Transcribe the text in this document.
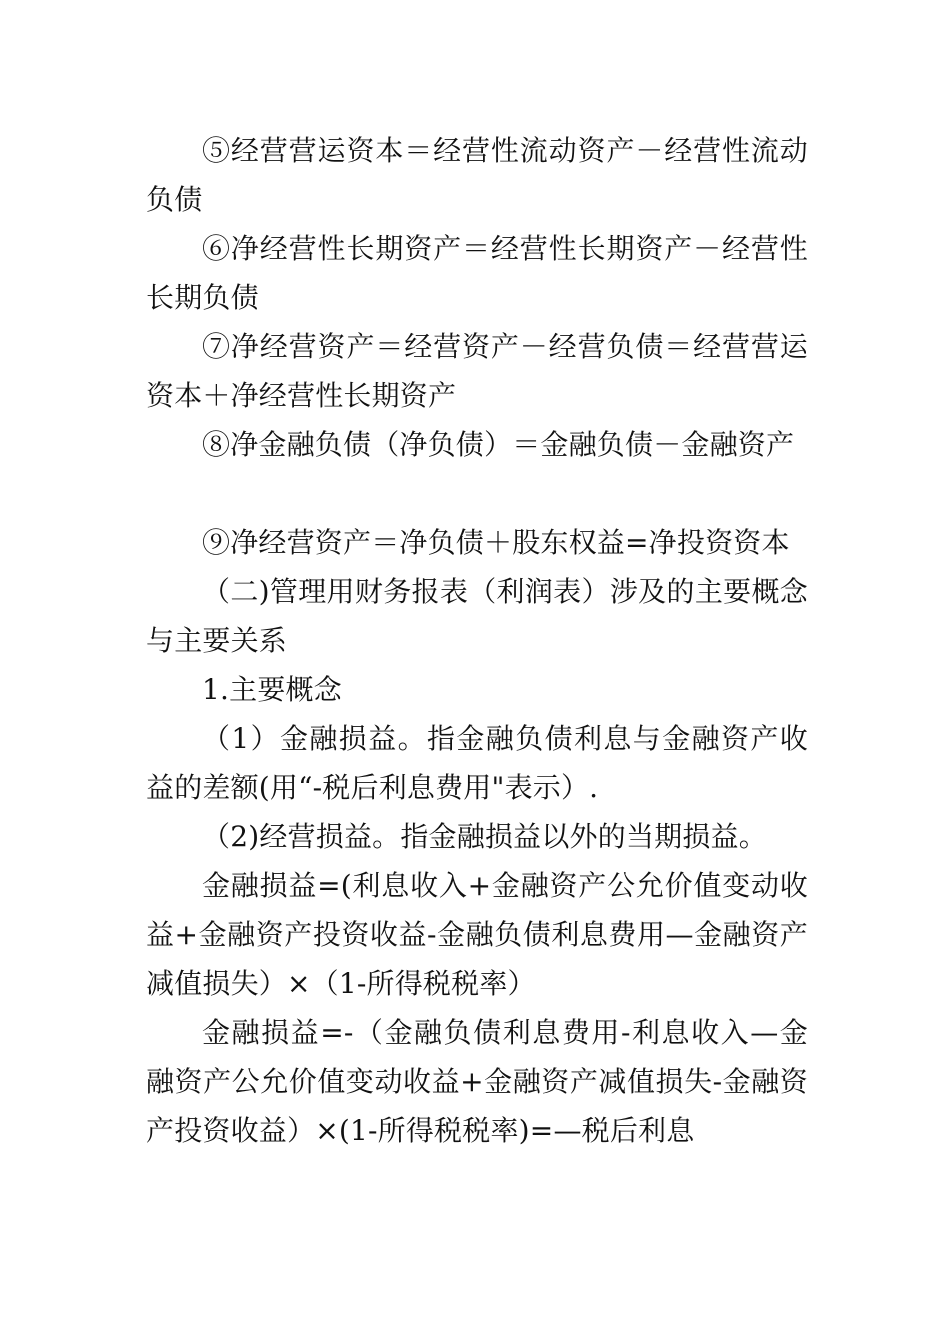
⑤经营营运资本＝经营性流动资产－经营性流动负债

⑥净经营性长期资产＝经营性长期资产－经营性长期负债

⑦净经营资产＝经营资产－经营负债＝经营营运资本＋净经营性长期资产

⑧净金融负债（净负债）＝金融负债－金融资产

⑨净经营资产＝净负债＋股东权益=净投资资本

（二)管理用财务报表（利润表）涉及的主要概念与主要关系

1.主要概念

（1）金融损益。指金融负债利息与金融资产收益的差额(用“-税后利息费用"表示）.

（2)经营损益。指金融损益以外的当期损益。

金融损益=(利息收入+金融资产公允价值变动收益+金融资产投资收益-金融负债利息费用—金融资产减值损失）×（1-所得税税率）

金融损益=-（金融负债利息费用-利息收入—金融资产公允价值变动收益+金融资产减值损失-金融资产投资收益）×(1-所得税税率)=—税后利息
